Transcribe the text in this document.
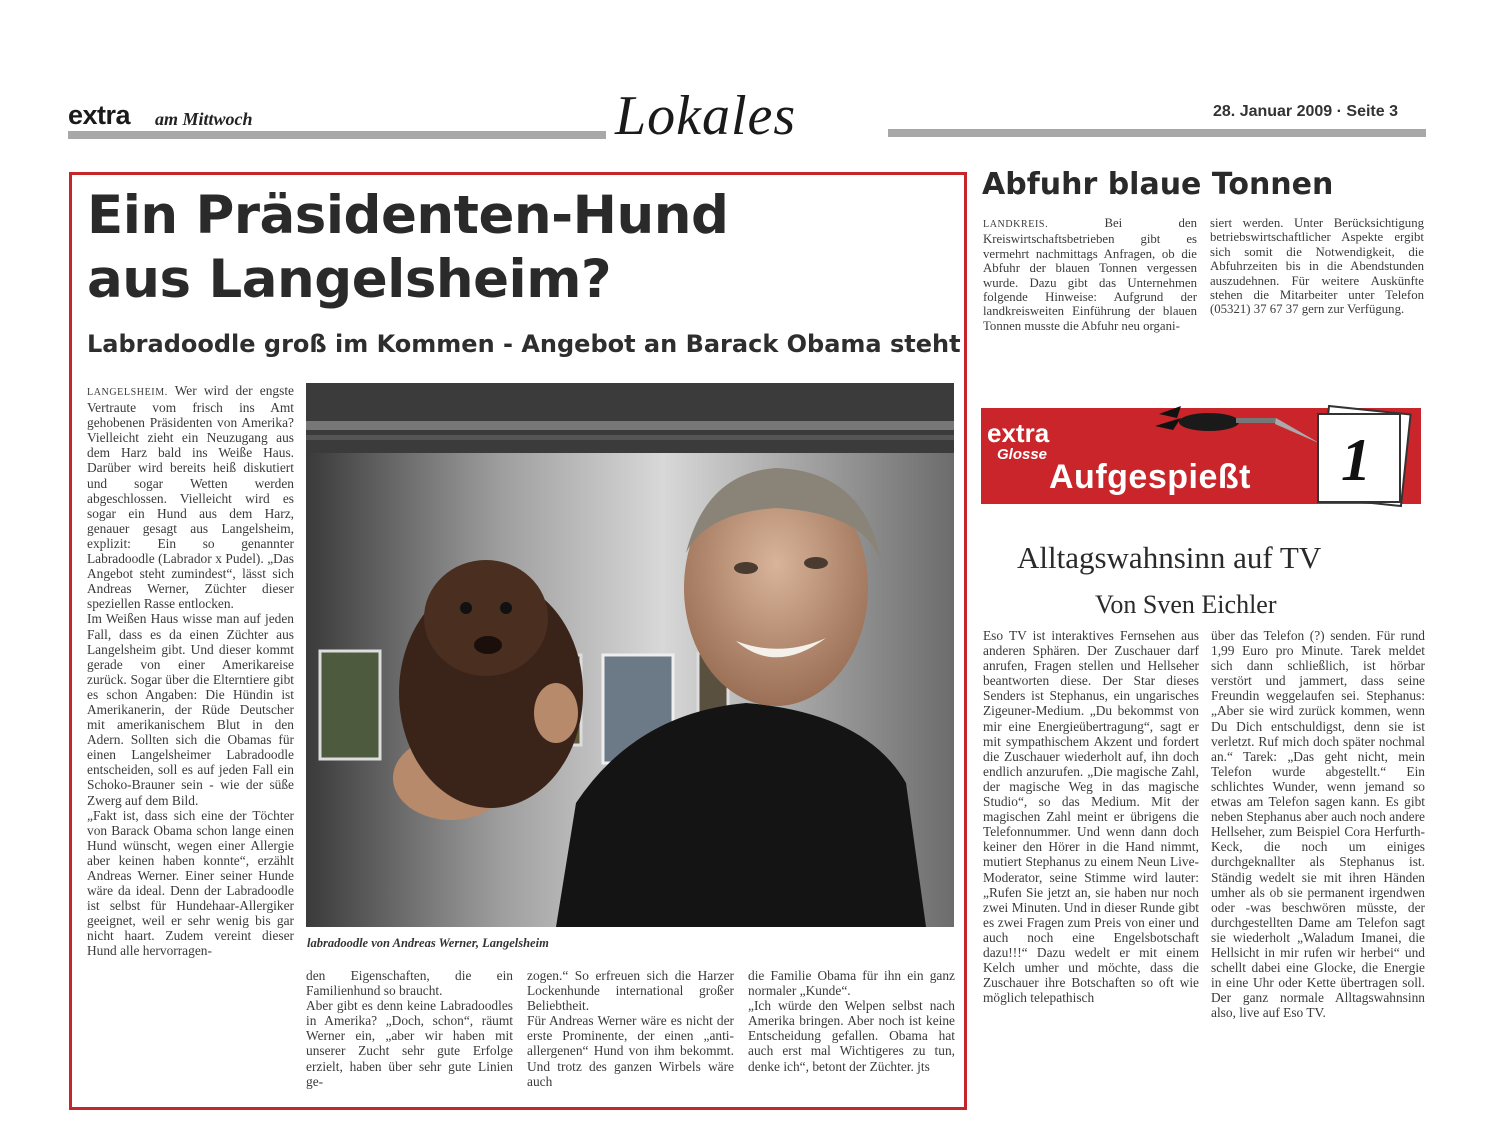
extra am Mittwoch	Lokales	28. Januar 2009 · Seite 3
Ein Präsidenten-Hund
aus Langelsheim?
Labradoodle groß im Kommen - Angebot an Barack Obama steht
LANGELSHEIM. Wer wird der engste Vertraute vom frisch ins Amt gehobenen Präsidenten von Amerika? Vielleicht zieht ein Neuzugang aus dem Harz bald ins Weiße Haus. Darüber wird bereits heiß diskutiert und sogar Wetten werden abgeschlossen. Vielleicht wird es sogar ein Hund aus dem Harz, genauer gesagt aus Langelsheim, explizit: Ein so genannter Labradoodle (Labrador x Pudel). „Das Angebot steht zumindest“, lässt sich Andreas Werner, Züchter dieser speziellen Rasse entlocken.
Im Weißen Haus wisse man auf jeden Fall, dass es da einen Züchter aus Langelsheim gibt. Und dieser kommt gerade von einer Amerikareise zurück. Sogar über die Elterntiere gibt es schon Angaben: Die Hündin ist Amerikanerin, der Rüde Deutscher mit amerikanischem Blut in den Adern. Sollten sich die Obamas für einen Langelsheimer Labradoodle entscheiden, soll es auf jeden Fall ein Schoko-Brauner sein - wie der süße Zwerg auf dem Bild.
„Fakt ist, dass sich eine der Töchter von Barack Obama schon lange einen Hund wünscht, wegen einer Allergie aber keinen haben konnte“, erzählt Andreas Werner. Einer seiner Hunde wäre da ideal. Denn der Labradoodle ist selbst für Hundehaar-Allergiker geeignet, weil er sehr wenig bis gar nicht haart. Zudem vereint dieser Hund alle hervorragen-
labradoodle von Andreas Werner, Langelsheim
den Eigenschaften, die ein Familienhund so braucht.
Aber gibt es denn keine Labradoodles in Amerika? „Doch, schon“, räumt Werner ein, „aber wir haben mit unserer Zucht sehr gute Erfolge erzielt, haben über sehr gute Linien ge-
zogen.“ So erfreuen sich die Harzer Lockenhunde international großer Beliebtheit.
Für Andreas Werner wäre es nicht der erste Prominente, der einen „anti-allergenen“ Hund von ihm bekommt. Und trotz des ganzen Wirbels wäre auch
die Familie Obama für ihn ein ganz normaler „Kunde“.
„Ich würde den Welpen selbst nach Amerika bringen. Aber noch ist keine Entscheidung gefallen. Obama hat auch erst mal Wichtigeres zu tun, denke ich“, betont der Züchter. jts
Abfuhr blaue Tonnen
LANDKREIS. Bei den Kreiswirtschaftsbetrieben gibt es vermehrt nachmittags Anfragen, ob die Abfuhr der blauen Tonnen vergessen wurde. Dazu gibt das Unternehmen folgende Hinweise: Aufgrund der landkreisweiten Einführung der blauen Tonnen musste die Abfuhr neu organi-
siert werden. Unter Berücksichtigung betriebswirtschaftlicher Aspekte ergibt sich somit die Notwendigkeit, die Abfuhrzeiten bis in die Abendstunden auszudehnen. Für weitere Auskünfte stehen die Mitarbeiter unter Telefon (05321) 37 67 37 gern zur Verfügung.
extra
Glosse
Aufgespießt 1
Alltagswahnsinn auf TV
Von Sven Eichler
Eso TV ist interaktives Fernsehen aus anderen Sphären. Der Zuschauer darf anrufen, Fragen stellen und Hellseher beantworten diese. Der Star dieses Senders ist Stephanus, ein ungarisches Zigeuner-Medium. „Du bekommst von mir eine Energieübertragung“, sagt er mit sympathischem Akzent und fordert die Zuschauer wiederholt auf, ihn doch endlich anzurufen. „Die magische Zahl, der magische Weg in das magische Studio“, so das Medium. Mit der magischen Zahl meint er übrigens die Telefonnummer. Und wenn dann doch keiner den Hörer in die Hand nimmt, mutiert Stephanus zu einem Neun Live-Moderator, seine Stimme wird lauter: „Rufen Sie jetzt an, sie haben nur noch zwei Minuten. Und in dieser Runde gibt es zwei Fragen zum Preis von einer und auch noch eine Engelsbotschaft dazu!!!“ Dazu wedelt er mit einem Kelch umher und möchte, dass die Zuschauer ihre Botschaften so oft wie möglich telepathisch
über das Telefon (?) senden. Für rund 1,99 Euro pro Minute. Tarek meldet sich dann schließlich, ist hörbar verstört und jammert, dass seine Freundin weggelaufen sei. Stephanus: „Aber sie wird zurück kommen, wenn Du Dich entschuldigst, denn sie ist verletzt. Ruf mich doch später nochmal an.“ Tarek: „Das geht nicht, mein Telefon wurde abgestellt.“ Ein schlichtes Wunder, wenn jemand so etwas am Telefon sagen kann. Es gibt neben Stephanus aber auch noch andere Hellseher, zum Beispiel Cora Herfurth-Keck, die noch um einiges durchgeknallter als Stephanus ist. Ständig wedelt sie mit ihren Händen umher als ob sie permanent irgendwen oder -was beschwören müsste, der durchgestellten Dame am Telefon sagt sie wiederholt „Waladum Imanei, die Hellsicht in mir rufen wir herbei“ und schellt dabei eine Glocke, die Energie in eine Uhr oder Kette übertragen soll. Der ganz normale Alltagswahnsinn also, live auf Eso TV.
